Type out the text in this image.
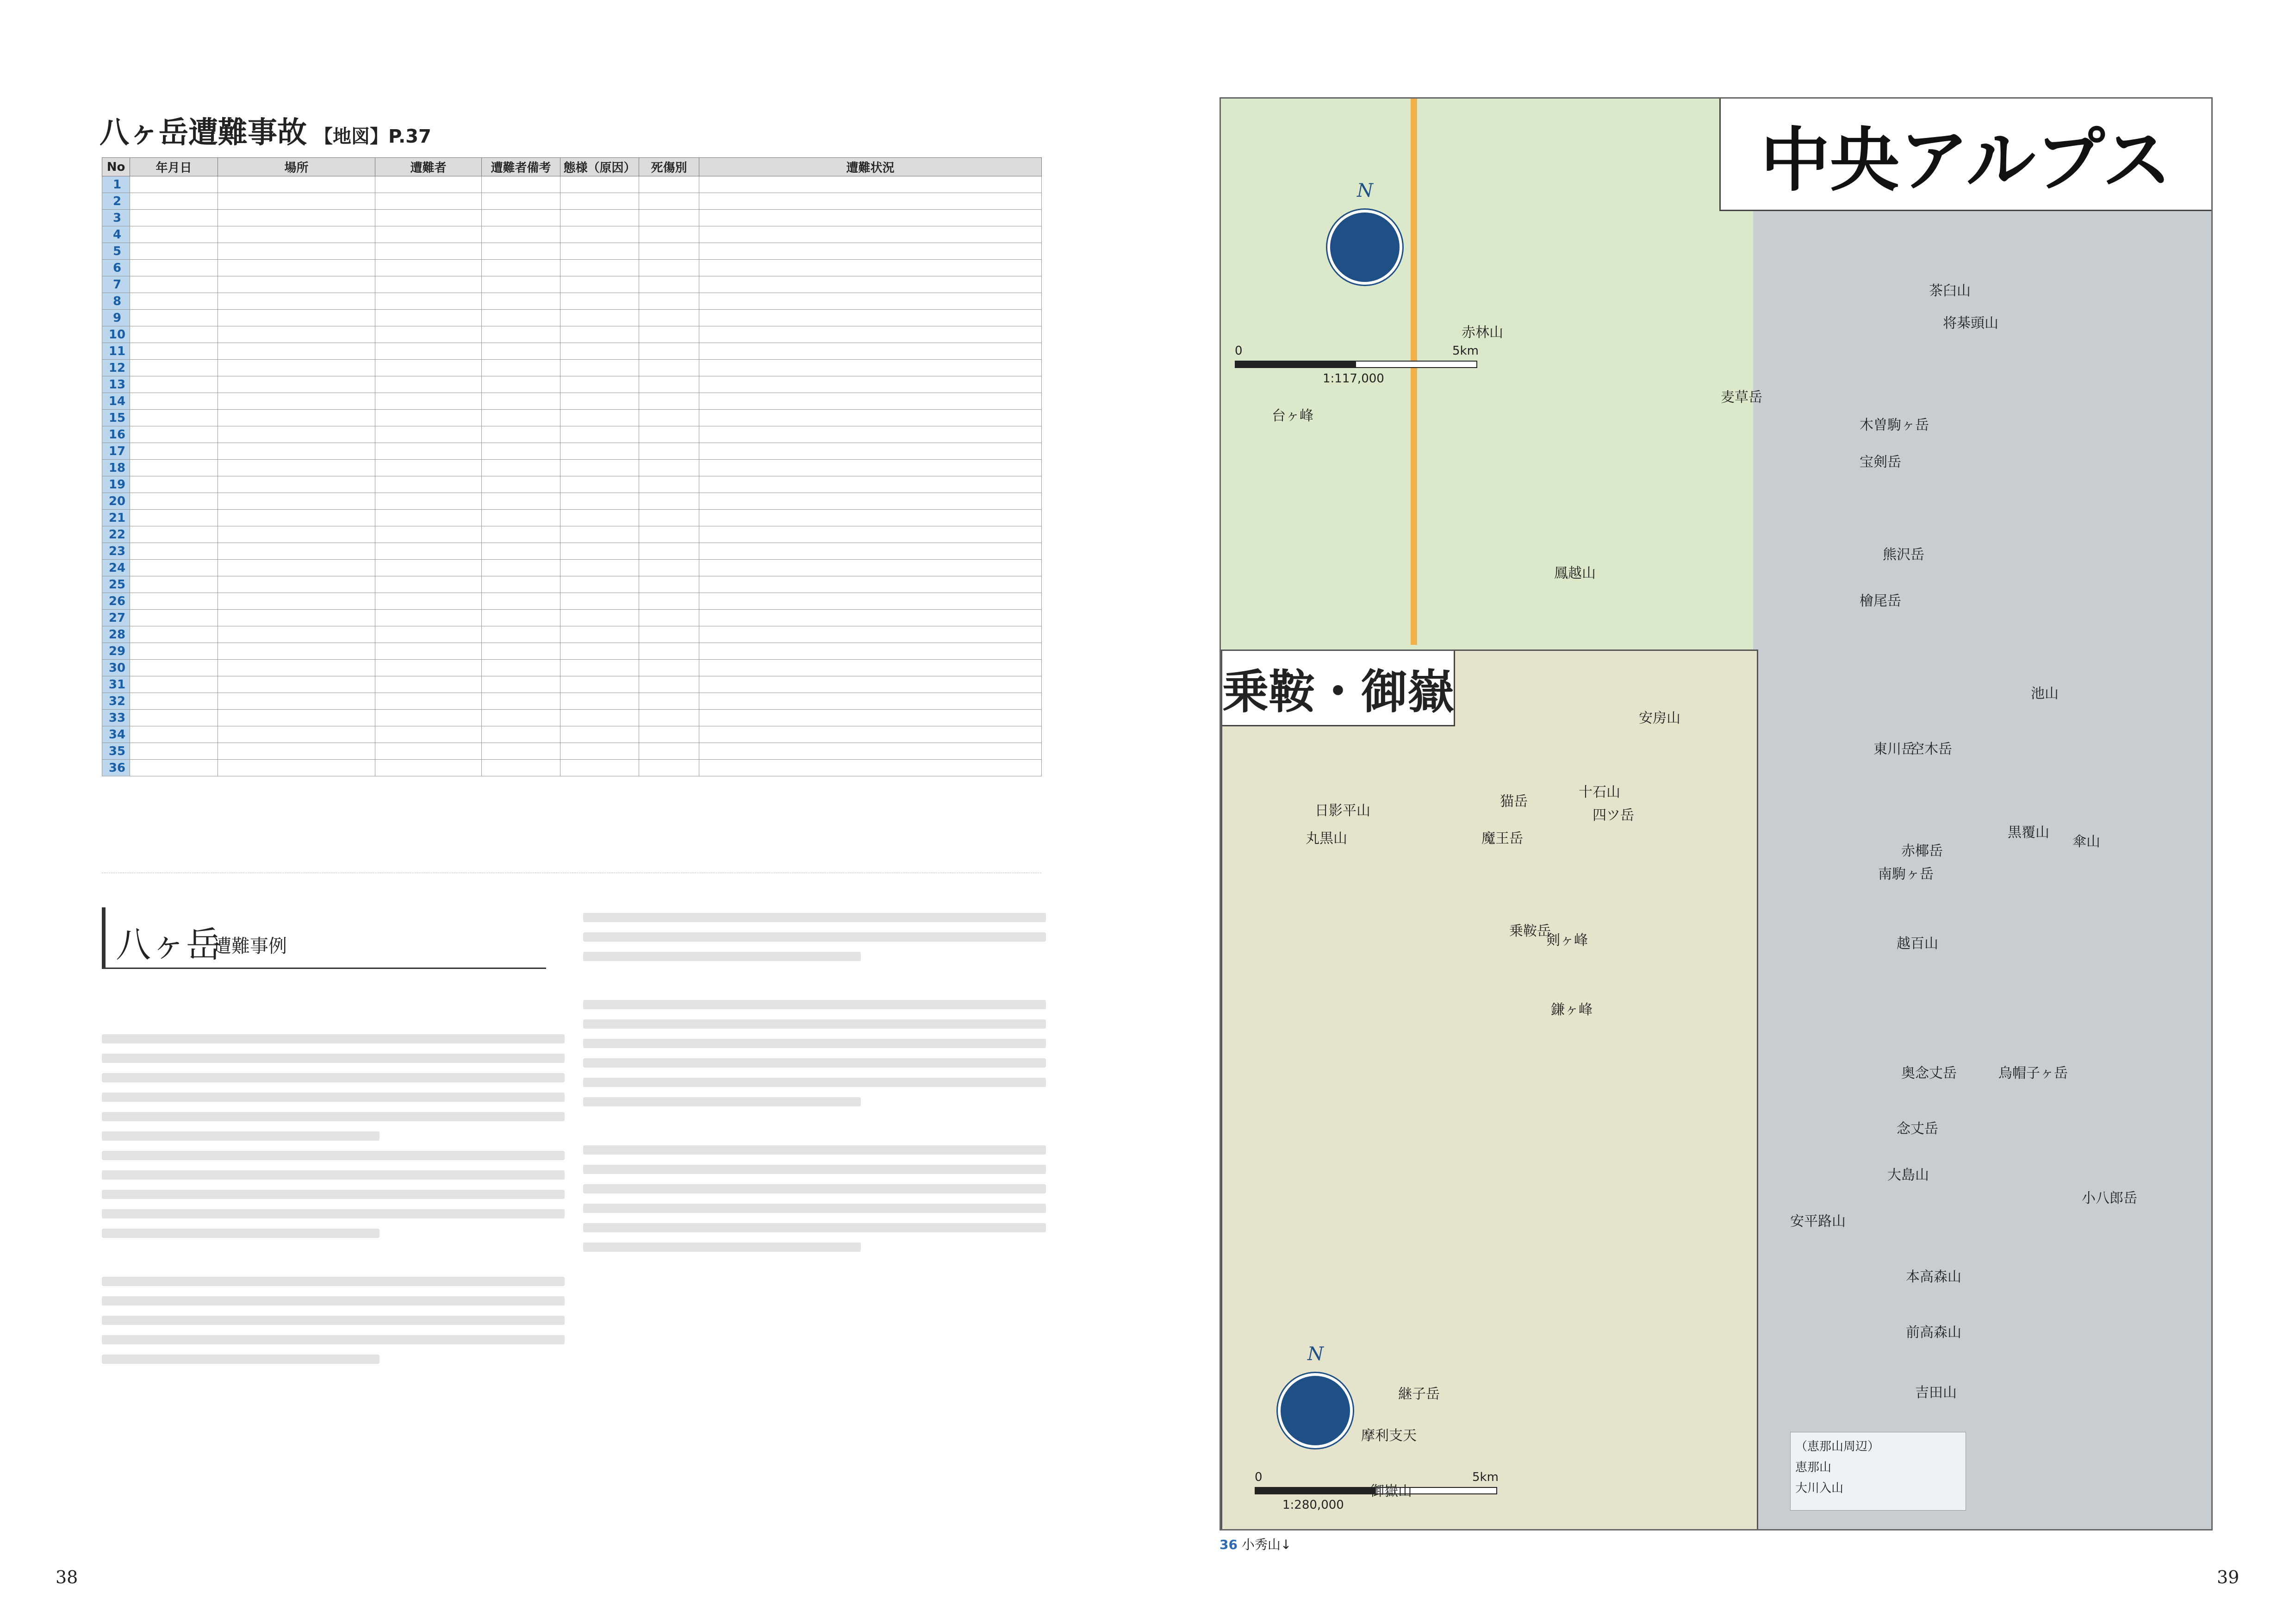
八ヶ岳遭難事故 【地図】P.37
No	年月日	場所	遭難者	遭難者備考	態様（原因）	死傷別	遭難状況
1							
2							
3							
4							
5							
6							
7							
8							
9							
10							
11							
12							
13							
14							
15							
16							
17							
18							
19							
20							
21							
22							
23							
24							
25							
26							
27							
28							
29							
30							
31							
32							
33							
34							
35							
36							
八ヶ岳
遭難事例
38
中央アルプス
N
0	5km
1:117,000
木曽駒ヶ岳
宝剣岳
茶臼山
将棊頭山
麦草岳
檜尾岳
熊沢岳
東川岳
空木岳
赤椰岳
南駒ヶ岳
越百山
奥念丈岳
安平路山
池山
烏帽子ヶ岳
念丈岳
大島山
本高森山
前高森山
吉田山
赤林山
鳳越山
台ヶ峰
黒覆山
傘山
小八郎岳
乗鞍・御嶽
N
0	5km
1:280,000
乗鞍岳
剣ヶ峰
摩利支天
御嶽山
継子岳
安房山
十石山
猫岳
四ツ岳
魔王岳
丸黒山
日影平山
鎌ヶ峰
（恵那山周辺）
恵那山
大川入山
36 小秀山↓
39
